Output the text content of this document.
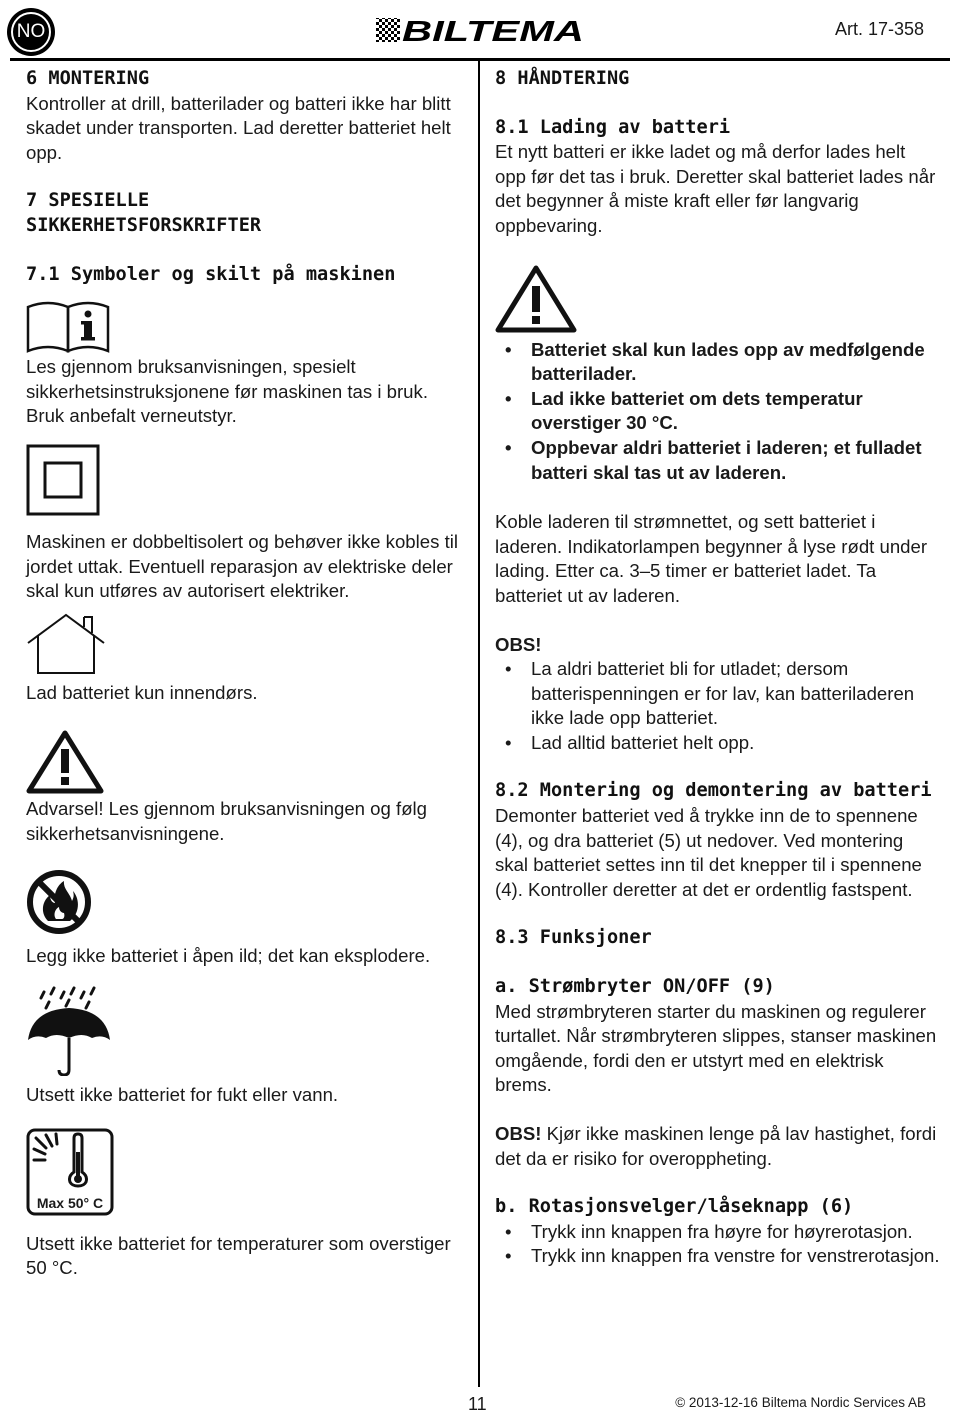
NO	BILTEMA	Art. 17-358

6 MONTERING

Kontroller at drill, batterilader og batteri ikke har blitt skadet under transporten. Lad deretter batteriet helt opp.

7 SPESIELLE

SIKKERHETSFORSKRIFTER

7.1 Symboler og skilt på maskinen

Les gjennom bruksanvisningen, spesielt sikkerhetsinstruksjonene før maskinen tas i bruk. Bruk anbefalt verneutstyr.

Maskinen er dobbeltisolert og behøver ikke kobles til jordet uttak. Eventuell reparasjon av elektriske deler skal kun utføres av autorisert elektriker.

Lad batteriet kun innendørs.

Advarsel! Les gjennom bruksanvisningen og følg sikkerhetsanvisningene.

Legg ikke batteriet i åpen ild; det kan eksplodere.

Utsett ikke batteriet for fukt eller vann.

Max 50° C

Utsett ikke batteriet for temperaturer som overstiger 50 °C.

8 HÅNDTERING

8.1 Lading av batteri

Et nytt batteri er ikke ladet og må derfor lades helt opp før det tas i bruk. Deretter skal batteriet lades når det begynner å miste kraft eller før langvarig oppbevaring.

• Batteriet skal kun lades opp av medfølgende batterilader.
• Lad ikke batteriet om dets temperatur overstiger 30 °C.
• Oppbevar aldri batteriet i laderen; et fulladet batteri skal tas ut av laderen.

Koble laderen til strømnettet, og sett batteriet i laderen. Indikatorlampen begynner å lyse rødt under lading. Etter ca. 3–5 timer er batteriet ladet. Ta batteriet ut av laderen.

OBS!

• La aldri batteriet bli for utladet; dersom batterispenningen er for lav, kan batteriladeren ikke lade opp batteriet.
• Lad alltid batteriet helt opp.

8.2 Montering og demontering av batteri

Demonter batteriet ved å trykke inn de to spennene (4), og dra batteriet (5) ut nedover. Ved montering skal batteriet settes inn til det knepper til i spennene (4). Kontroller deretter at det er ordentlig fastspent.

8.3 Funksjoner

a. Strømbryter ON/OFF (9)

Med strømbryteren starter du maskinen og regulerer turtallet. Når strømbryteren slippes, stanser maskinen omgående, fordi den er utstyrt med en elektrisk brems.

OBS! Kjør ikke maskinen lenge på lav hastighet, fordi det da er risiko for overoppheting.

b. Rotasjonsvelger/låseknapp (6)

• Trykk inn knappen fra høyre for høyrerotasjon.
• Trykk inn knappen fra venstre for venstrerotasjon.
11	© 2013-12-16 Biltema Nordic Services AB
